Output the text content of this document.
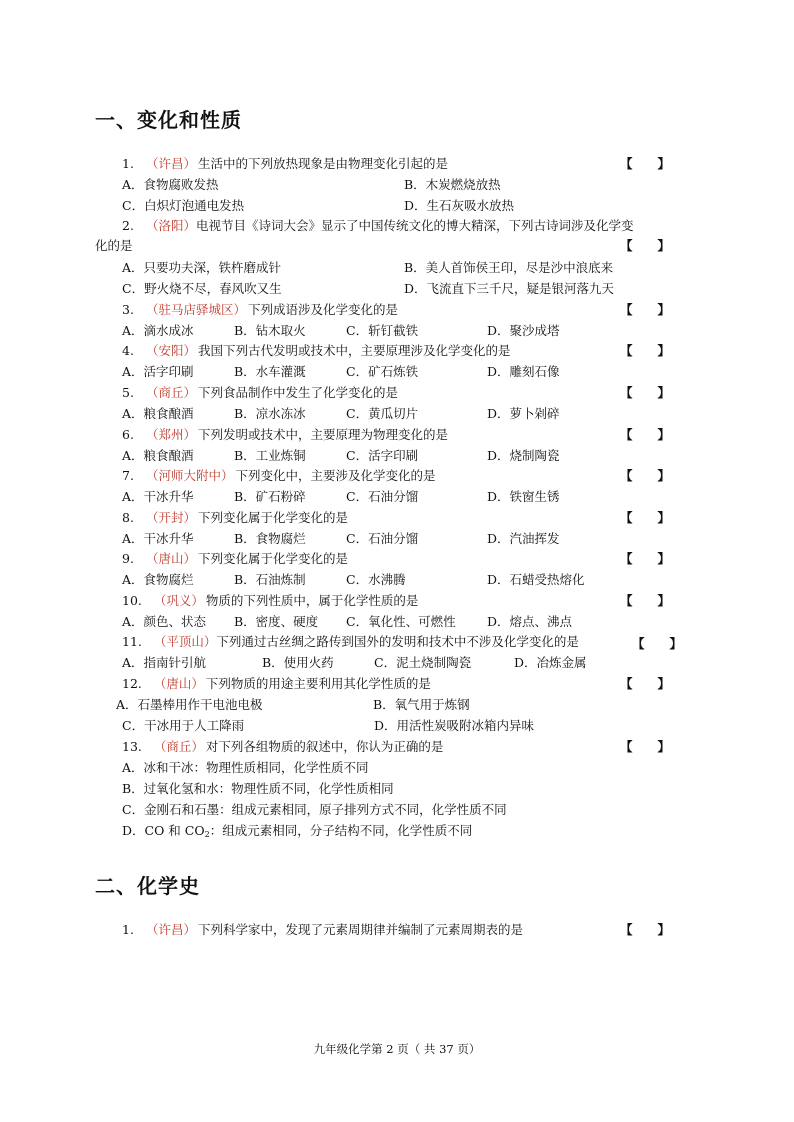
一、变化和性质
1. （许昌） 生活中的下列放热现象是由物理变化引起的是	【　　】
A．食物腐败发热	B．木炭燃烧放热
C．白炽灯泡通电发热	D．生石灰吸水放热
2. （洛阳）电视节目《诗词大会》显示了中国传统文化的博大精深，下列古诗词涉及化学变
化的是	【　　】
A．只要功夫深，铁杵磨成针	B．美人首饰侯王印，尽是沙中浪底来
C．野火烧不尽，春风吹又生	D．飞流直下三千尺，疑是银河落九天
3. （驻马店驿城区） 下列成语涉及化学变化的是	【　　】
A．滴水成冰	B．钻木取火	C．斩钉截铁	D．聚沙成塔
4. （安阳） 我国下列古代发明或技术中，主要原理涉及化学变化的是	【　　】
A．活字印刷	B．水车灌溉	C．矿石炼铁	D．雕刻石像
5. （商丘） 下列食品制作中发生了化学变化的是	【　　】
A．粮食酿酒	B．凉水冻冰	C．黄瓜切片	D．萝卜剁碎
6. （郑州） 下列发明或技术中，主要原理为物理变化的是	【　　】
A．粮食酿酒	B．工业炼铜	C．活字印刷	D．烧制陶瓷
7. （河师大附中） 下列变化中，主要涉及化学变化的是	【　　】
A．干冰升华	B．矿石粉碎	C．石油分馏	D．铁窗生锈
8. （开封） 下列变化属于化学变化的是	【　　】
A．干冰升华	B．食物腐烂	C．石油分馏	D．汽油挥发
9. （唐山） 下列变化属于化学变化的是	【　　】
A．食物腐烂	B．石油炼制	C．水沸腾	D．石蜡受热熔化
10. （巩义） 物质的下列性质中，属于化学性质的是	【　　】
A．颜色、状态 B．密度、硬度 C．氧化性、可燃性	D．熔点、沸点
11. （平顶山）下列通过古丝绸之路传到国外的发明和技术中不涉及化学变化的是	【　　】
A．指南针引航	B．使用火药	C．泥土烧制陶瓷	D．冶炼金属
12. （唐山） 下列物质的用途主要利用其化学性质的是	【　　】
A．石墨棒用作干电池电极	B．氧气用于炼钢
C．干冰用于人工降雨	D．用活性炭吸附冰箱内异味
13. （商丘） 对下列各组物质的叙述中，你认为正确的是	【　　】
A．冰和干冰：物理性质相同，化学性质不同
B．过氧化氢和水：物理性质不同，化学性质相同
C．金刚石和石墨：组成元素相同，原子排列方式不同，化学性质不同
D．CO 和 CO2：组成元素相同，分子结构不同，化学性质不同
二、化学史
1. （许昌） 下列科学家中，发现了元素周期律并编制了元素周期表的是	【　　】
九年级化学第 2 页（ 共 37 页）
